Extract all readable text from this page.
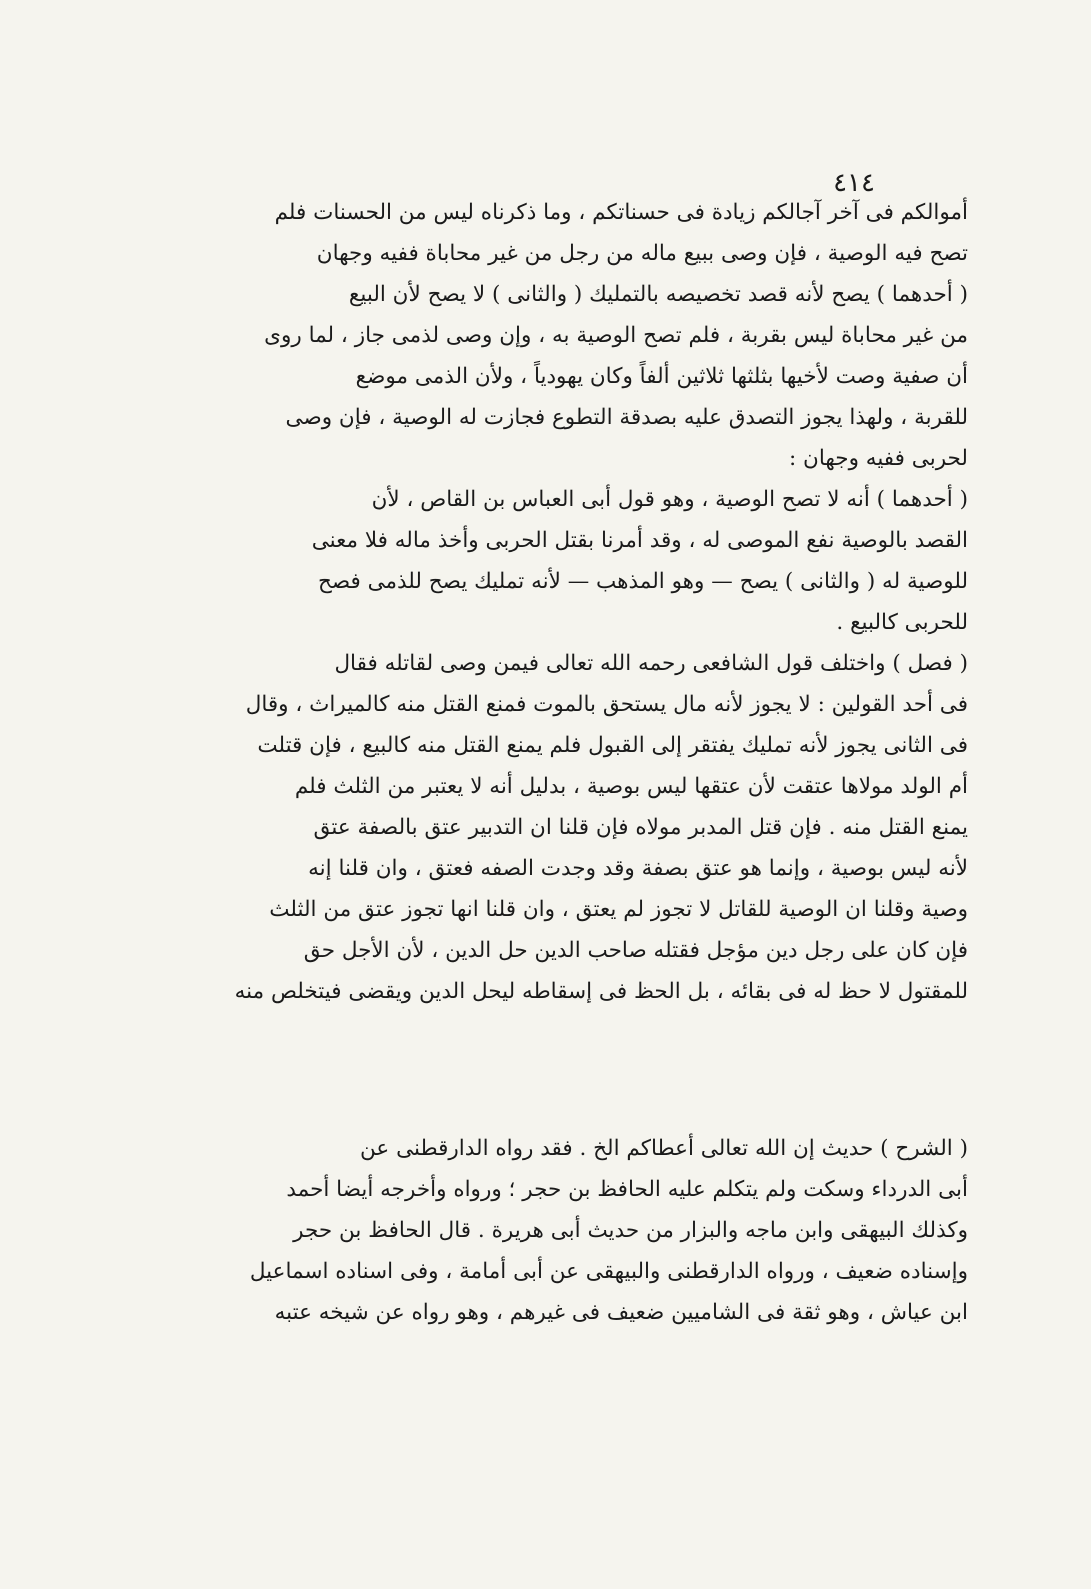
٤١٤
أموالكم فى آخر آجالكم زيادة فى حسناتكم ، وما ذكرناه ليس من الحسنات فلم
تصح فيه الوصية ، فإن وصى ببيع ماله من رجل من غير محاباة ففيه وجهان
( أحدهما ) يصح لأنه قصد تخصيصه بالتمليك ( والثانى ) لا يصح لأن البيع
من غير محاباة ليس بقربة ، فلم تصح الوصية به ، وإن وصى لذمى جاز ، لما روى
أن صفية وصت لأخيها بثلثها ثلاثين ألفاً وكان يهودياً ، ولأن الذمى موضع
للقربة ، ولهذا يجوز التصدق عليه بصدقة التطوع فجازت له الوصية ، فإن وصى
لحربى ففيه وجهان :
( أحدهما ) أنه لا تصح الوصية ، وهو قول أبى العباس بن القاص ، لأن
القصد بالوصية نفع الموصى له ، وقد أمرنا بقتل الحربى وأخذ ماله فلا معنى
للوصية له ( والثانى ) يصح — وهو المذهب — لأنه تمليك يصح للذمى فصح
للحربى كالبيع .
( فصل ) واختلف قول الشافعى رحمه الله تعالى فيمن وصى لقاتله فقال
فى أحد القولين : لا يجوز لأنه مال يستحق بالموت فمنع القتل منه كالميراث ، وقال
فى الثانى يجوز لأنه تمليك يفتقر إلى القبول فلم يمنع القتل منه كالبيع ، فإن قتلت
أم الولد مولاها عتقت لأن عتقها ليس بوصية ، بدليل أنه لا يعتبر من الثلث فلم
يمنع القتل منه . فإن قتل المدبر مولاه فإن قلنا ان التدبير عتق بالصفة عتق
لأنه ليس بوصية ، وإنما هو عتق بصفة وقد وجدت الصفه فعتق ، وان قلنا إنه
وصية وقلنا ان الوصية للقاتل لا تجوز لم يعتق ، وان قلنا انها تجوز عتق من الثلث
فإن كان على رجل دين مؤجل فقتله صاحب الدين حل الدين ، لأن الأجل حق
للمقتول لا حظ له فى بقائه ، بل الحظ فى إسقاطه ليحل الدين ويقضى فيتخلص منه
( الشرح ) حديث إن الله تعالى أعطاكم الخ . فقد رواه الدارقطنى عن
أبى الدرداء وسكت ولم يتكلم عليه الحافظ بن حجر ؛ ورواه وأخرجه أيضا أحمد
وكذلك البيهقى وابن ماجه والبزار من حديث أبى هريرة . قال الحافظ بن حجر
وإسناده ضعيف ، ورواه الدارقطنى والبيهقى عن أبى أمامة ، وفى اسناده اسماعيل
ابن عياش ، وهو ثقة فى الشاميين ضعيف فى غيرهم ، وهو رواه عن شيخه عتبه
